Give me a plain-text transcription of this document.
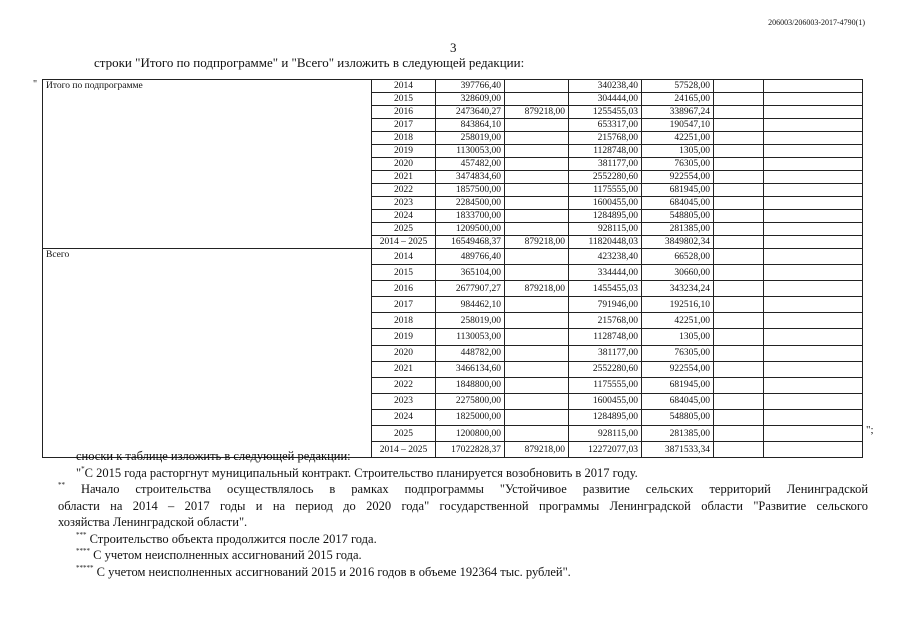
206003/206003-2017-4790(1)
3
строки "Итого по подпрограмме" и "Всего" изложить в следующей редакции:
" Итого по подпрограмме	2014	397766,40		340238,40	57528,00		
	2015	328609,00		304444,00	24165,00		
	2016	2473640,27	879218,00	1255455,03	338967,24		
	2017	843864,10		653317,00	190547,10		
	2018	258019,00		215768,00	42251,00		
	2019	1130053,00		1128748,00	1305,00		
	2020	457482,00		381177,00	76305,00		
	2021	3474834,60		2552280,60	922554,00		
	2022	1857500,00		1175555,00	681945,00		
	2023	2284500,00		1600455,00	684045,00		
	2024	1833700,00		1284895,00	548805,00		
	2025	1209500,00		928115,00	281385,00		
	2014 – 2025	16549468,37	879218,00	11820448,03	3849802,34		
Всего	2014	489766,40		423238,40	66528,00		
	2015	365104,00		334444,00	30660,00		
	2016	2677907,27	879218,00	1455455,03	343234,24		
	2017	984462,10		791946,00	192516,10		
	2018	258019,00		215768,00	42251,00		
	2019	1130053,00		1128748,00	1305,00		
	2020	448782,00		381177,00	76305,00		
	2021	3466134,60		2552280,60	922554,00		
	2022	1848800,00		1175555,00	681945,00		
	2023	2275800,00		1600455,00	684045,00		
	2024	1825000,00		1284895,00	548805,00		
	2025	1200800,00		928115,00	281385,00		
	2014 – 2025	17022828,37	879218,00	12272077,03	3871533,34		
";

сноски к таблице изложить в следующей редакции:

"*С 2015 года расторгнут муниципальный контракт. Строительство планируется возобновить в 2017 году.

** Начало строительства осуществлялось в рамках подпрограммы "Устойчивое развитие сельских территорий Ленинградской
области на 2014 – 2017 годы и на период до 2020 года" государственной программы Ленинградской области "Развитие сельского
хозяйства Ленинградской области".

*** Строительство объекта продолжится после 2017 года.

**** С учетом неисполненных ассигнований 2015 года.

***** С учетом неисполненных ассигнований 2015 и 2016 годов в объеме 192364 тыс. рублей".
